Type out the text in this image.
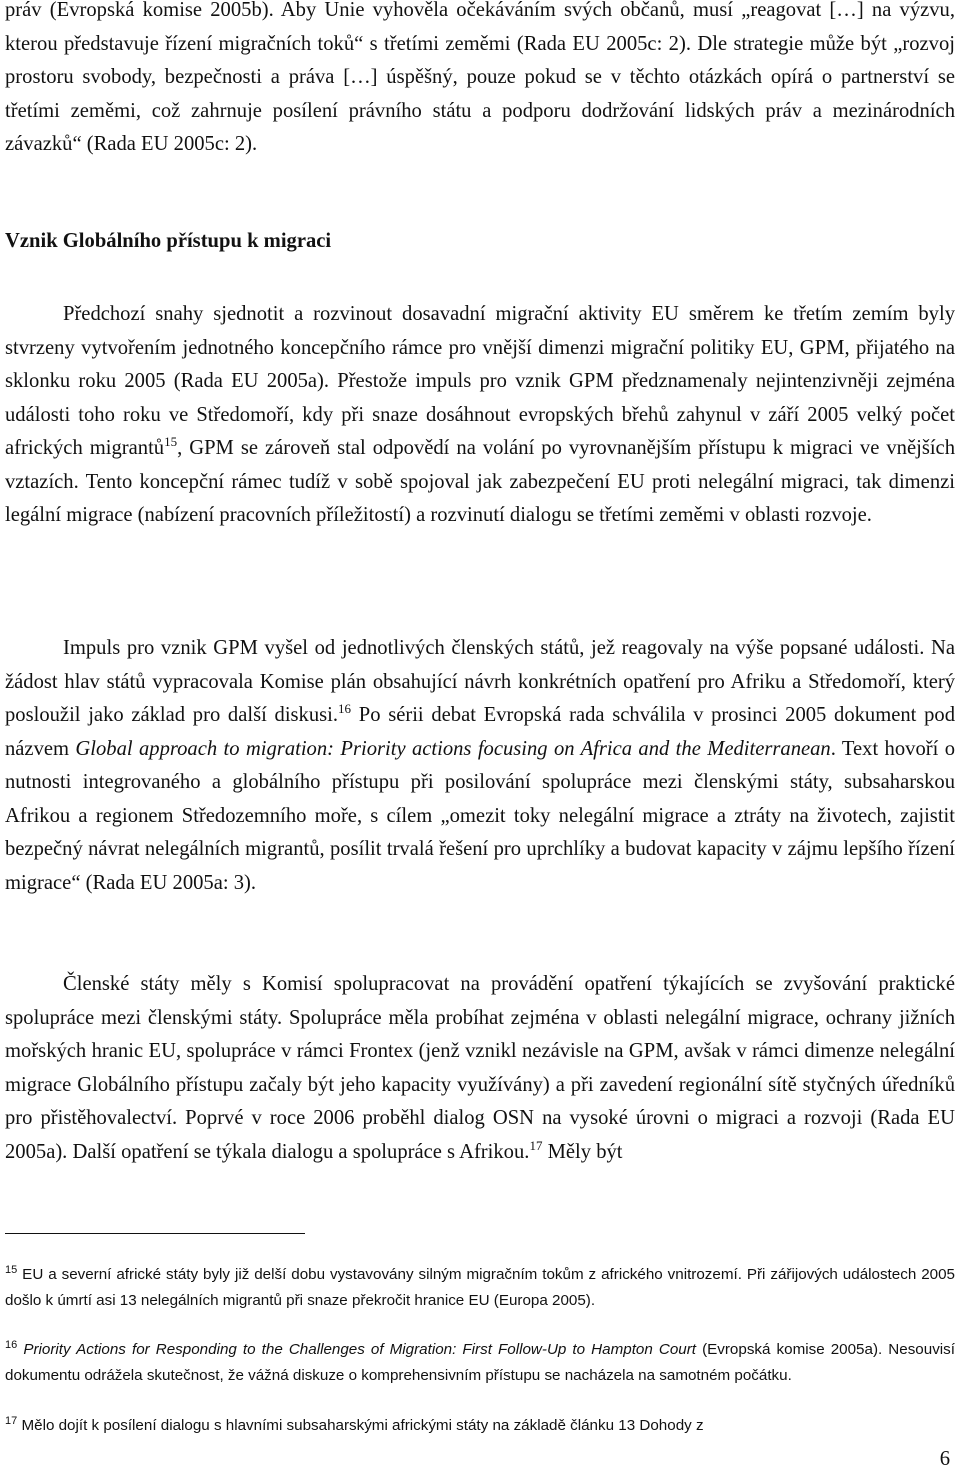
práv (Evropská komise 2005b). Aby Unie vyhověla očekáváním svých občanů, musí „reagovat […] na výzvu, kterou představuje řízení migračních toků“ s třetími zeměmi (Rada EU 2005c: 2). Dle strategie může být „rozvoj prostoru svobody, bezpečnosti a práva […] úspěšný, pouze pokud se v těchto otázkách opírá o partnerství se třetími zeměmi, což zahrnuje posílení právního státu a podporu dodržování lidských práv a mezinárodních závazků“ (Rada EU 2005c: 2).

Vznik Globálního přístupu k migraci

Předchozí snahy sjednotit a rozvinout dosavadní migrační aktivity EU směrem ke třetím zemím byly stvrzeny vytvořením jednotného koncepčního rámce pro vnější dimenzi migrační politiky EU, GPM, přijatého na sklonku roku 2005 (Rada EU 2005a). Přestože impuls pro vznik GPM předznamenaly nejintenzivněji zejména události toho roku ve Středomoří, kdy při snaze dosáhnout evropských břehů zahynul v září 2005 velký počet afrických migrantů$^{15}$, GPM se zároveň stal odpovědí na volání po vyrovnanějším přístupu k migraci ve vnějších vztazích. Tento koncepční rámec tudíž v sobě spojoval jak zabezpečení EU proti nelegální migraci, tak dimenzi legální migrace (nabízení pracovních příležitostí) a rozvinutí dialogu se třetími zeměmi v oblasti rozvoje.

Impuls pro vznik GPM vyšel od jednotlivých členských států, jež reagovaly na výše popsané události. Na žádost hlav států vypracovala Komise plán obsahující návrh konkrétních opatření pro Afriku a Středomoří, který posloužil jako základ pro další diskusi.$^{16}$ Po sérii debat Evropská rada schválila v prosinci 2005 dokument pod názvem Global approach to migration: Priority actions focusing on Africa and the Mediterranean. Text hovoří o nutnosti integrovaného a globálního přístupu při posilování spolupráce mezi členskými státy, subsaharskou Afrikou a regionem Středozemního moře, s cílem „omezit toky nelegální migrace a ztráty na životech, zajistit bezpečný návrat nelegálních migrantů, posílit trvalá řešení pro uprchlíky a budovat kapacity v zájmu lepšího řízení migrace“ (Rada EU 2005a: 3).

Členské státy měly s Komisí spolupracovat na provádění opatření týkajících se zvyšování praktické spolupráce mezi členskými státy. Spolupráce měla probíhat zejména v oblasti nelegální migrace, ochrany jižních mořských hranic EU, spolupráce v rámci Frontex (jenž vznikl nezávisle na GPM, avšak v rámci dimenze nelegální migrace Globálního přístupu začaly být jeho kapacity využívány) a při zavedení regionální sítě styčných úředníků pro přistěhovalectví. Poprvé v roce 2006 proběhl dialog OSN na vysoké úrovni o migraci a rozvoji (Rada EU 2005a). Další opatření se týkala dialogu a spolupráce s Afrikou.$^{17}$ Měly být

$^{15}$ EU a severní africké státy byly již delší dobu vystavovány silným migračním tokům z afrického vnitrozemí. Při zářijových událostech 2005 došlo k úmrtí asi 13 nelegálních migrantů při snaze překročit hranice EU (Europa 2005).

$^{16}$ Priority Actions for Responding to the Challenges of Migration: First Follow-Up to Hampton Court (Evropská komise 2005a). Nesouvisí dokumentu odrážela skutečnost, že vážná diskuze o komprehensivním přístupu se nacházela na samotném počátku.

$^{17}$ Mělo dojít k posílení dialogu s hlavními subsaharskými africkými státy na základě článku 13 Dohody z

6
